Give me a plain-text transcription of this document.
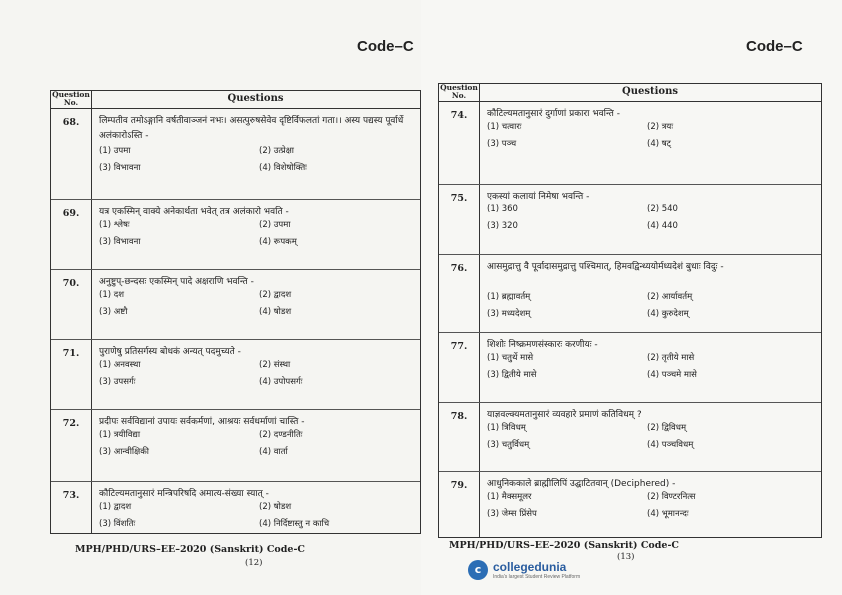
Code–C
Question No.	Questions
68.	लिम्पतीव तमोऽङ्गानि वर्षतीवाञ्जनं नभः। असत्पुरुषसेवेव दृष्टिर्विफलतां गता।। अस्य पद्यस्य पूर्वार्धे अलंकारोऽस्ति -
(1) उपमा	(2) उत्प्रेक्षा
(3) विभावना	(4) विशेषोक्तिः
69.	यत्र एकस्मिन् वाक्ये अनेकार्थता भवेत् तत्र अलंकारो भवति -
(1) श्लेषः	(2) उपमा
(3) विभावना	(4) रूपकम्
70.	अनुष्टुप्-छन्दसः एकस्मिन् पादे अक्षराणि भवन्ति -
(1) दश	(2) द्वादश
(3) अष्टौ	(4) षोडश
71.	पुराणेषु प्रतिसर्गस्य बोधकं अन्यत् पदमुच्यते -
(1) अनवस्था	(2) संस्था
(3) उपसर्गः	(4) उपोपसर्गः
72.	प्रदीपः सर्वविद्यानां उपायः सर्वकर्मणां, आश्रयः सर्वधर्माणां चास्ति -
(1) त्रयीविद्या	(2) दण्डनीतिः
(3) आन्वीक्षिकी	(4) वार्ता
73.	कौटिल्यमतानुसारं मन्त्रिपरिषदि अमात्य-संख्या स्यात् -
(1) द्वादश	(2) षोडश
(3) विंशतिः	(4) निर्दिष्टास्तु न काचि
MPH/PHD/URS–EE–2020 (Sanskrit) Code-C
(12)
Code–C
Question No.	Questions
74.	कौटिल्यमतानुसारं दुर्गाणां प्रकारा भवन्ति -
(1) चत्वारः	(2) त्रयः
(3) पञ्च	(4) षट्
75.	एकस्यां कलायां निमेषा भवन्ति -
(1) 360	(2) 540
(3) 320	(4) 440
76.	आसमुद्रात्तु वै पूर्वादासमुद्रात्तु पश्चिमात्, हिमवद्विन्ध्ययोर्मध्यदेशं बुधाः विदुः -
(1) ब्रह्मावर्तम्	(2) आर्यावर्तम्
(3) मध्यदेशम्	(4) कुरुदेशम्
77.	शिशोः निष्क्रमणसंस्कारः करणीयः -
(1) चतुर्थे मासे	(2) तृतीये मासे
(3) द्वितीये मासे	(4) पञ्चमे मासे
78.	याज्ञवल्क्यमतानुसारं व्यवहारे प्रमाणं कतिविधम् ?
(1) त्रिविधम्	(2) द्विविधम्
(3) चतुर्विधम्	(4) पञ्चविधम्
79.	आधुनिककाले ब्राह्मीलिपिं उद्घाटितवान् (Deciphered) -
(1) मैक्समूलर	(2) विण्टरनित्स
(3) जेम्स प्रिंसेप	(4) भूमानन्दः
MPH/PHD/URS–EE–2020 (Sanskrit) Code-C
(13)
c collegedunia
India's largest Student Review Platform
